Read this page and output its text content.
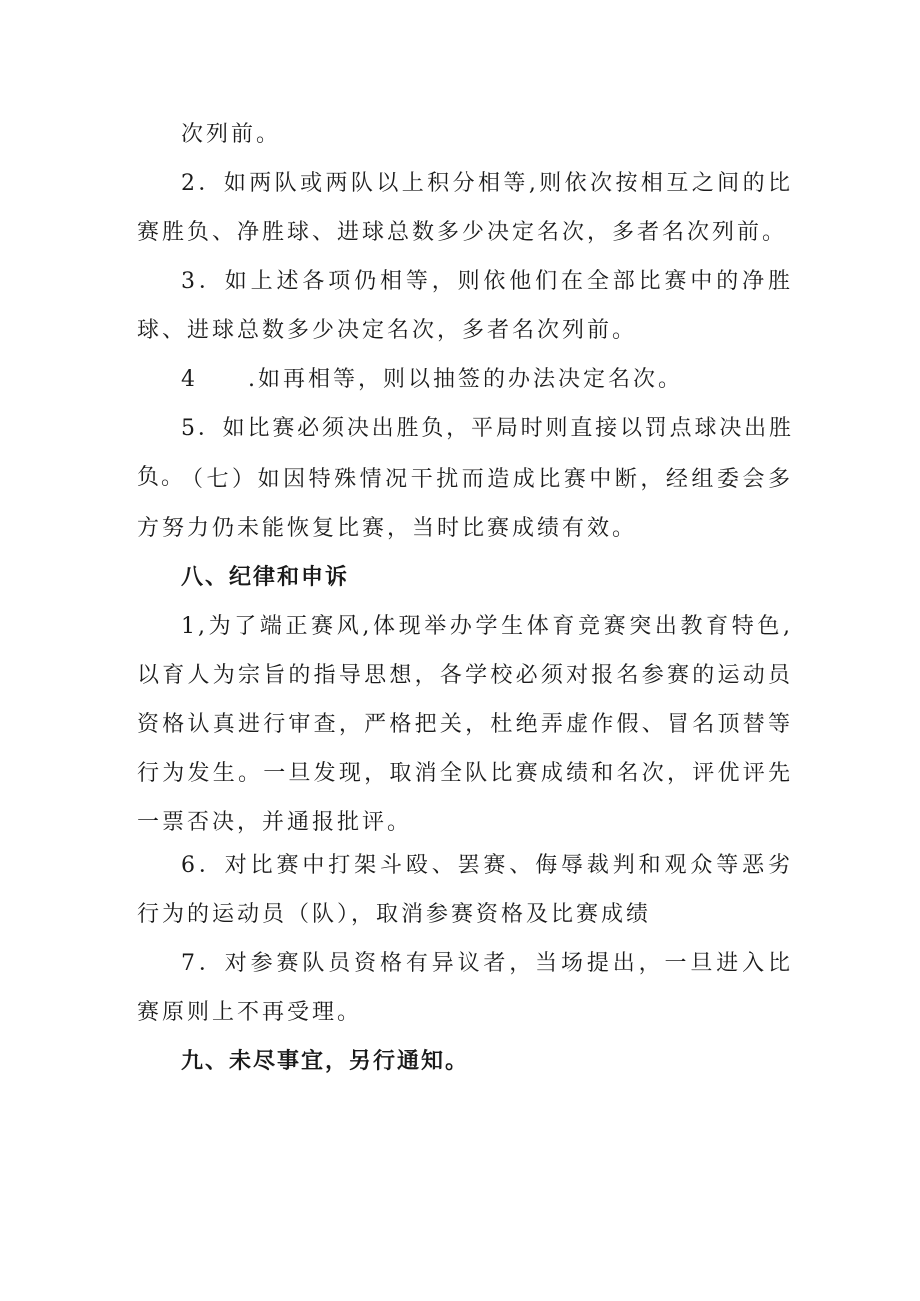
次列前。

2．如两队或两队以上积分相等,则依次按相互之间的比赛胜负、净胜球、进球总数多少决定名次，多者名次列前。

3．如上述各项仍相等，则依他们在全部比赛中的净胜球、进球总数多少决定名次，多者名次列前。

4　　.如再相等，则以抽签的办法决定名次。

5．如比赛必须决出胜负，平局时则直接以罚点球决出胜负。

（七）如因特殊情况干扰而造成比赛中断，经组委会多方努力仍未能恢复比赛，当时比赛成绩有效。

八、纪律和申诉

1,为了端正赛风,体现举办学生体育竞赛突出教育特色,以育人为宗旨的指导思想，各学校必须对报名参赛的运动员资格认真进行审查，严格把关，杜绝弄虚作假、冒名顶替等行为发生。一旦发现，取消全队比赛成绩和名次，评优评先一票否决，并通报批评。

6．对比赛中打架斗殴、罢赛、侮辱裁判和观众等恶劣行为的运动员（队），取消参赛资格及比赛成绩

7．对参赛队员资格有异议者，当场提出，一旦进入比赛原则上不再受理。

九、未尽事宜，另行通知。
